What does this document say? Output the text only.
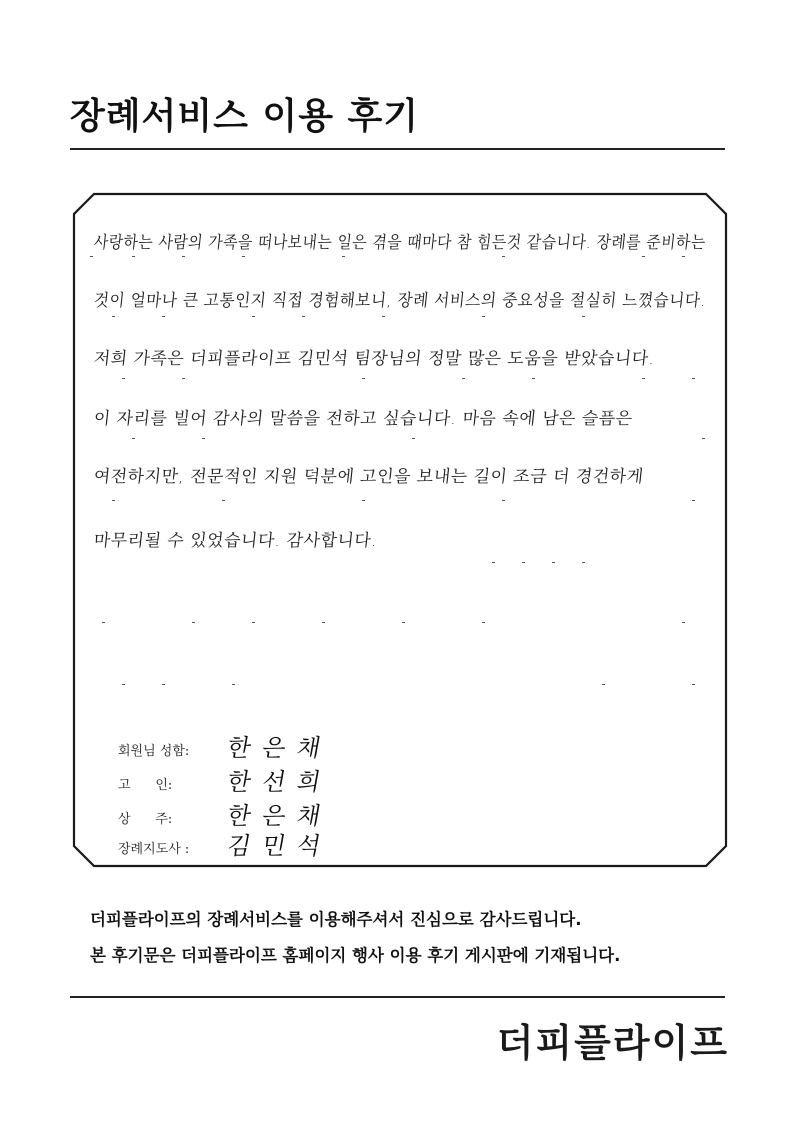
장례서비스 이용 후기
사랑하는 사람의 가족을 떠나보내는 일은 겪을 때마다 참 힘든것 같습니다. 장례를 준비하는
것이 얼마나 큰 고통인지 직접 경험해보니, 장례 서비스의 중요성을 절실히 느꼈습니다.
저희 가족은 더피플라이프 김민석 팀장님의 정말 많은 도움을 받았습니다.
이 자리를 빌어 감사의 말씀을 전하고 싶습니다. 마음 속에 남은 슬픔은
여전하지만, 전문적인 지원 덕분에 고인을 보내는 길이 조금 더 경건하게
마무리될 수 있었습니다. 감사합니다.
회원님 성함: 한 은 채
고      인: 한 선 희
상      주: 한 은 채
장례지도사 : 김 민 석
더피플라이프의 장례서비스를 이용해주셔서 진심으로 감사드립니다.
본 후기문은 더피플라이프 홈페이지 행사 이용 후기 게시판에 기재됩니다.
더피플라이프
